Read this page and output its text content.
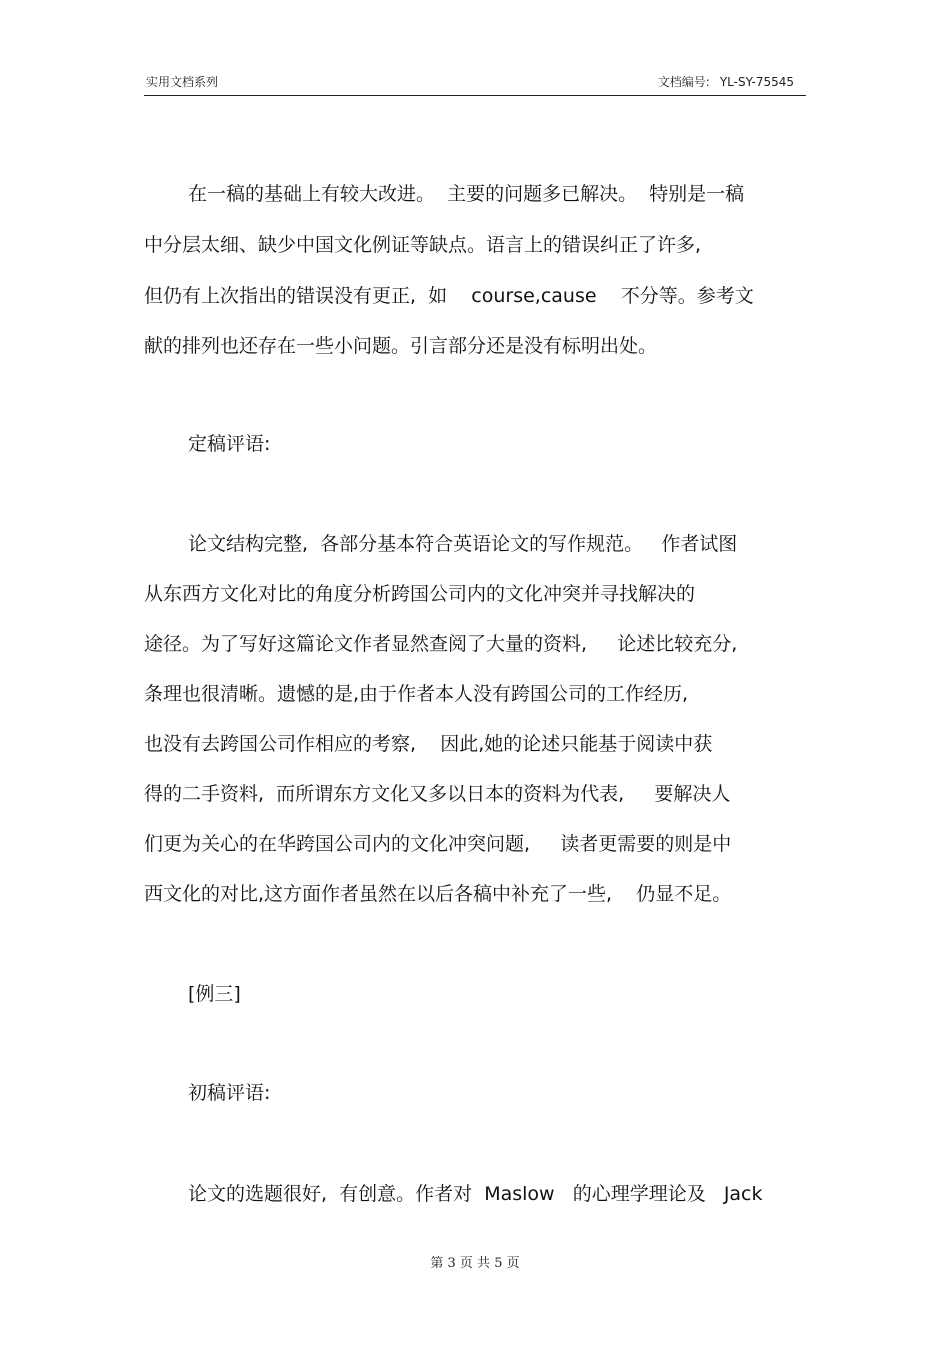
实用文档系列	文档编号: YL-SY-75545
在一稿的基础上有较大改进。  主要的问题多已解决。  特别是一稿
中分层太细、缺少中国文化例证等缺点。语言上的错误纠正了许多,
但仍有上次指出的错误没有更正,  如    course,cause    不分等。参考文
献的排列也还存在一些小问题。引言部分还是没有标明出处。
定稿评语:
论文结构完整,  各部分基本符合英语论文的写作规范。   作者试图
从东西方文化对比的角度分析跨国公司内的文化冲突并寻找解决的
途径。为了写好这篇论文作者显然查阅了大量的资料,     论述比较充分,
条理也很清晰。遗憾的是,由于作者本人没有跨国公司的工作经历,
也没有去跨国公司作相应的考察,    因此,她的论述只能基于阅读中获
得的二手资料,  而所谓东方文化又多以日本的资料为代表,     要解决人
们更为关心的在华跨国公司内的文化冲突问题,     读者更需要的则是中
西文化的对比,这方面作者虽然在以后各稿中补充了一些,    仍显不足。
[例三]
初稿评语:
论文的选题很好,  有创意。作者对  Maslow   的心理学理论及   Jack
第 3 页 共 5 页
